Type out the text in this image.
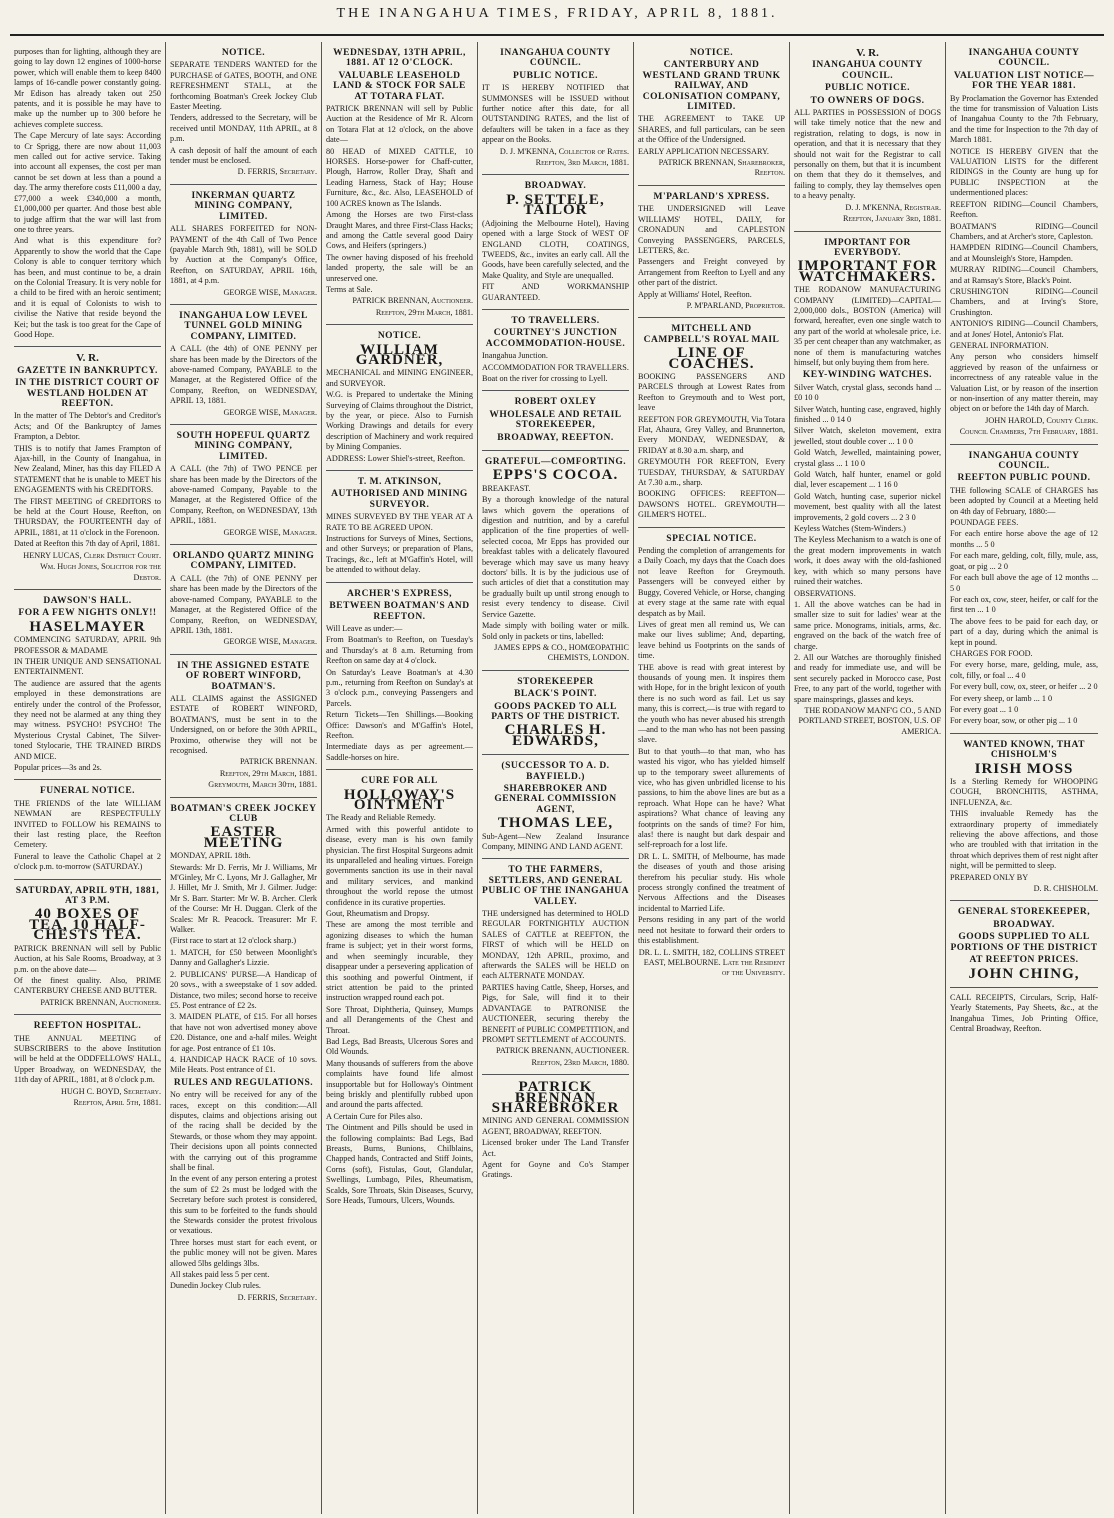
THE INANGAHUA TIMES, FRIDAY, APRIL 8, 1881.

purposes than for lighting, although they are going to lay down 12 engines of 1000-horse power, which will enable them to keep 8400 lamps of 16-candle power constantly going. Mr Edison has already taken out 250 patents, and it is possible he may have to make up the number up to 300 before he achieves complete success.

The Cape Mercury of late says: According to Cr Sprigg, there are now about 11,003 men called out for active service. Taking into account all expenses, the cost per man cannot be set down at less than a pound a day. The army therefore costs £11,000 a day, £77,000 a week £340,000 a month, £1,000,000 per quarter. And those best able to judge affirm that the war will last from one to three years.

And what is this expenditure for? Apparently to show the world that the Cape Colony is able to conquer territory which has been, and must continue to be, a drain on the Colonial Treasury. It is very noble for a child to be fired with an heroic sentiment; and it is equal of Colonists to wish to civilise the Native that reside beyond the Kei; but the task is too great for the Cape of Good Hope.

V. R.
GAZETTE IN BANKRUPTCY.
IN THE DISTRICT COURT OF WESTLAND HOLDEN AT REEFTON.

In the matter of The Debtor's and Creditor's Acts; and Of the Bankruptcy of James Frampton, a Debtor.

THIS is to notify that James Frampton of Ajax-hill, in the County of Inangahua, in New Zealand, Miner, has this day FILED A STATEMENT that he is unable to MEET his ENGAGEMENTS with his CREDITORS.

The FIRST MEETING of CREDITORS to be held at the Court House, Reefton, on THURSDAY, the FOURTEENTH day of APRIL, 1881, at 11 o'clock in the Forenoon.

Dated at Reefton this 7th day of April, 1881.

HENRY LUCAS, Clerk District Court.
Wm. Hugh Jones, Solicitor for the Debtor.
DAWSON'S HALL.
FOR A FEW NIGHTS ONLY!!
HASELMAYER

COMMENCING SATURDAY, APRIL 9th PROFESSOR & MADAME

IN THEIR UNIQUE AND SENSATIONAL ENTERTAINMENT.

The audience are assured that the agents employed in these demonstrations are entirely under the control of the Professor, they need not be alarmed at any thing they may witness. PSYCHO! PSYCHO! The Mysterious Crystal Cabinet, The Silver-toned Stylocarie, THE TRAINED BIRDS AND MICE.

Popular prices—3s and 2s.

FUNERAL NOTICE.

THE FRIENDS of the late WILLIAM NEWMAN are RESPECTFULLY INVITED to FOLLOW his REMAINS to their last resting place, the Reefton Cemetery.

Funeral to leave the Catholic Chapel at 2 o'clock p.m. to-morrow (SATURDAY.)

SATURDAY, APRIL 9TH, 1881, AT 3 P.M.
40 BOXES OF TEA, 10 HALF-CHESTS TEA.

PATRICK BRENNAN will sell by Public Auction, at his Sale Rooms, Broadway, at 3 p.m. on the above date—

Of the finest quality. Also, PRIME CANTERBURY CHEESE AND BUTTER.

PATRICK BRENNAN, Auctioneer.
REEFTON HOSPITAL.

THE ANNUAL MEETING of SUBSCRIBERS to the above Institution will be held at the ODDFELLOWS' HALL, Upper Broadway, on WEDNESDAY, the 11th day of APRIL, 1881, at 8 o'clock p.m.

HUGH C. BOYD, Secretary.
Reefton, April 5th, 1881.
NOTICE.

SEPARATE TENDERS WANTED for the PURCHASE of GATES, BOOTH, and ONE REFRESHMENT STALL, at the forthcoming Boatman's Creek Jockey Club Easter Meeting.

Tenders, addressed to the Secretary, will be received until MONDAY, 11th APRIL, at 8 p.m.

A cash deposit of half the amount of each tender must be enclosed.

D. FERRIS, Secretary.
INKERMAN QUARTZ MINING COMPANY, LIMITED.

ALL SHARES FORFEITED for NON-PAYMENT of the 4th Call of Two Pence (payable March 9th, 1881), will be SOLD by Auction at the Company's Office, Reefton, on SATURDAY, APRIL 16th, 1881, at 4 p.m.

GEORGE WISE, Manager.
INANGAHUA LOW LEVEL TUNNEL GOLD MINING COMPANY, LIMITED.

A CALL (the 4th) of ONE PENNY per share has been made by the Directors of the above-named Company, PAYABLE to the Manager, at the Registered Office of the Company, Reefton, on WEDNESDAY, APRIL 13, 1881.

GEORGE WISE, Manager.
SOUTH HOPEFUL QUARTZ MINING COMPANY, LIMITED.

A CALL (the 7th) of TWO PENCE per share has been made by the Directors of the above-named Company, Payable to the Manager, at the Registered Office of the Company, Reefton, on WEDNESDAY, 13th APRIL, 1881.

GEORGE WISE, Manager.
ORLANDO QUARTZ MINING COMPANY, LIMITED.

A CALL (the 7th) of ONE PENNY per share has been made by the Directors of the above-named Company, PAYABLE to the Manager, at the Registered Office of the Company, Reefton, on WEDNESDAY, APRIL 13th, 1881.

GEORGE WISE, Manager.
IN THE ASSIGNED ESTATE OF ROBERT WINFORD, BOATMAN'S.

ALL CLAIMS against the ASSIGNED ESTATE of ROBERT WINFORD, BOATMAN'S, must be sent in to the Undersigned, on or before the 30th APRIL, Proximo, otherwise they will not be recognised.

PATRICK BRENNAN.
Reefton, 29th March, 1881.
Greymouth, March 30th, 1881.
BOATMAN'S CREEK JOCKEY CLUB
EASTER MEETING

MONDAY, APRIL 18th.

Stewards: Mr D. Ferris, Mr J. Williams, Mr M'Ginley, Mr C. Lyons, Mr J. Gallagher, Mr J. Hillet, Mr J. Smith, Mr J. Gilmer. Judge: Mr S. Barr. Starter: Mr W. B. Archer. Clerk of the Course: Mr H. Duggan. Clerk of the Scales: Mr R. Peacock. Treasurer: Mr F. Walker.

(First race to start at 12 o'clock sharp.)

1. MATCH, for £50 between Moonlight's Danny and Gallagher's Lizzie.

2. PUBLICANS' PURSE—A Handicap of 20 sovs., with a sweepstake of 1 sov added. Distance, two miles; second horse to receive £5. Post entrance of £2 2s.

3. MAIDEN PLATE, of £15. For all horses that have not won advertised money above £20. Distance, one and a-half miles. Weight for age. Post entrance of £1 10s.

4. HANDICAP HACK RACE of 10 sovs. Mile Heats. Post entrance of £1.

RULES AND REGULATIONS.

No entry will be received for any of the races, except on this condition:—All disputes, claims and objections arising out of the racing shall be decided by the Stewards, or those whom they may appoint. Their decisions upon all points connected with the carrying out of this programme shall be final.

In the event of any person entering a protest the sum of £2 2s must be lodged with the Secretary before such protest is considered, this sum to be forfeited to the funds should the Stewards consider the protest frivolous or vexatious.

Three horses must start for each event, or the public money will not be given. Mares allowed 5lbs geldings 3lbs.

All stakes paid less 5 per cent.

Dunedin Jockey Club rules.

D. FERRIS, Secretary.
WEDNESDAY, 13TH APRIL, 1881. AT 12 O'CLOCK.
VALUABLE LEASEHOLD LAND & STOCK FOR SALE AT TOTARA FLAT.

PATRICK BRENNAN will sell by Public Auction at the Residence of Mr R. Alcorn on Totara Flat at 12 o'clock, on the above date—

80 HEAD of MIXED CATTLE, 10 HORSES. Horse-power for Chaff-cutter, Plough, Harrow, Roller Dray, Shaft and Leading Harness, Stack of Hay; House Furniture, &c., &c. Also, LEASEHOLD of 100 ACRES known as The Islands.

Among the Horses are two First-class Draught Mares, and three First-Class Hacks; and among the Cattle several good Dairy Cows, and Heifers (springers.)

The owner having disposed of his freehold landed property, the sale will be an unreserved one.

Terms at Sale.

PATRICK BRENNAN, Auctioneer.
Reefton, 29th March, 1881.
NOTICE.
WILLIAM GARDNER,

MECHANICAL and MINING ENGINEER, and SURVEYOR.

W.G. is Prepared to undertake the Mining Surveying of Claims throughout the District, by the year, or piece. Also to Furnish Working Drawings and details for every description of Machinery and work required by Mining Companies.

ADDRESS: Lower Shiel's-street, Reefton.

T. M. ATKINSON,
AUTHORISED AND MINING SURVEYOR.

MINES SURVEYED BY THE YEAR AT A RATE TO BE AGREED UPON.

Instructions for Surveys of Mines, Sections, and other Surveys; or preparation of Plans, Tracings, &c., left at M'Gaffin's Hotel, will be attended to without delay.

ARCHER'S EXPRESS,
BETWEEN BOATMAN'S AND REEFTON.

Will Leave as under:—

From Boatman's to Reefton, on Tuesday's and Thursday's at 8 a.m. Returning from Reefton on same day at 4 o'clock.

On Saturday's Leave Boatman's at 4.30 p.m., returning from Reefton on Sunday's at 3 o'clock p.m., conveying Passengers and Parcels.

Return Tickets—Ten Shillings.—Booking Office: Dawson's and M'Gaffin's Hotel, Reefton.

Intermediate days as per agreement.—Saddle-horses on hire.

CURE FOR ALL
HOLLOWAY'S OINTMENT

The Ready and Reliable Remedy.

Armed with this powerful antidote to disease, every man is his own family physician. The first Hospital Surgeons admit its unparalleled and healing virtues. Foreign governments sanction its use in their naval and military services, and mankind throughout the world repose the utmost confidence in its curative properties.

Gout, Rheumatism and Dropsy.

These are among the most terrible and agonizing diseases to which the human frame is subject; yet in their worst forms, and when seemingly incurable, they disappear under a persevering application of this soothing and powerful Ointment, if strict attention be paid to the printed instruction wrapped round each pot.

Sore Throat, Diphtheria, Quinsey, Mumps and all Derangements of the Chest and Throat.

Bad Legs, Bad Breasts, Ulcerous Sores and Old Wounds.

Many thousands of sufferers from the above complaints have found life almost insupportable but for Holloway's Ointment being briskly and plentifully rubbed upon and around the parts affected.

A Certain Cure for Piles also.

The Ointment and Pills should be used in the following complaints: Bad Legs, Bad Breasts, Burns, Bunions, Chilblains, Chapped hands, Contracted and Stiff Joints, Corns (soft), Fistulas, Gout, Glandular, Swellings, Lumbago, Piles, Rheumatism, Scalds, Sore Throats, Skin Diseases, Scurvy, Sore Heads, Tumours, Ulcers, Wounds.

INANGAHUA COUNTY COUNCIL.
PUBLIC NOTICE.

IT IS HEREBY NOTIFIED that SUMMONSES will be ISSUED without further notice after this date, for all OUTSTANDING RATES, and the list of defaulters will be taken in a face as they appear on the Books.

D. J. M'KENNA, Collector of Rates.
Reefton, 3rd March, 1881.
BROADWAY.
P. SETTELE, TAILOR

(Adjoining the Melbourne Hotel), Having opened with a large Stock of WEST OF ENGLAND CLOTH, COATINGS, TWEEDS, &c., invites an early call. All the Goods, have been carefully selected, and the Make Quality, and Style are unequalled.

FIT AND WORKMANSHIP GUARANTEED.

TO TRAVELLERS.
COURTNEY'S JUNCTION ACCOMMODATION-HOUSE.

Inangahua Junction.

ACCOMMODATION FOR TRAVELLERS.

Boat on the river for crossing to Lyell.

ROBERT OXLEY
WHOLESALE AND RETAIL STOREKEEPER,
BROADWAY, REEFTON.
GRATEFUL—COMFORTING.
EPPS'S COCOA.

BREAKFAST.

By a thorough knowledge of the natural laws which govern the operations of digestion and nutrition, and by a careful application of the fine properties of well-selected cocoa, Mr Epps has provided our breakfast tables with a delicately flavoured beverage which may save us many heavy doctors' bills. It is by the judicious use of such articles of diet that a constitution may be gradually built up until strong enough to resist every tendency to disease. Civil Service Gazette.

Made simply with boiling water or milk. Sold only in packets or tins, labelled:

JAMES EPPS & CO., HOMŒOPATHIC CHEMISTS, LONDON.
STOREKEEPER
BLACK'S POINT.
GOODS PACKED TO ALL PARTS OF THE DISTRICT.
CHARLES H. EDWARDS,
(SUCCESSOR TO A. D. BAYFIELD.)
SHAREBROKER AND GENERAL COMMISSION AGENT,
THOMAS LEE,

Sub-Agent—New Zealand Insurance Company, MINING AND LAND AGENT.

TO THE FARMERS, SETTLERS, AND GENERAL PUBLIC OF THE INANGAHUA VALLEY.

THE undersigned has determined to HOLD REGULAR FORTNIGHTLY AUCTION SALES of CATTLE at REEFTON, the FIRST of which will be HELD on MONDAY, 12th APRIL, proximo, and afterwards the SALES will be HELD on each ALTERNATE MONDAY.

PARTIES having Cattle, Sheep, Horses, and Pigs, for Sale, will find it to their ADVANTAGE to PATRONISE the AUCTIONEER, securing thereby the BENEFIT of PUBLIC COMPETITION, and PROMPT SETTLEMENT of ACCOUNTS.

PATRICK BRENANN, AUCTIONEER.
Reefton, 23rd March, 1880.
PATRICK BRENNAN SHAREBROKER

MINING AND GENERAL COMMISSION AGENT, BROADWAY, REEFTON.

Licensed broker under The Land Transfer Act.

Agent for Goyne and Co's Stamper Gratings.

NOTICE.
CANTERBURY AND WESTLAND GRAND TRUNK RAILWAY, AND COLONISATION COMPANY, LIMITED.

THE AGREEMENT to TAKE UP SHARES, and full particulars, can be seen at the Office of the Undersigned.

EARLY APPLICATION NECESSARY.

PATRICK BRENNAN, Sharebroker, Reefton.
M'PARLAND'S XPRESS.

THE UNDERSIGNED will Leave WILLIAMS' HOTEL, DAILY, for CRONADUN and CAPLESTON Conveying PASSENGERS, PARCELS, LETTERS, &c.

Passengers and Freight conveyed by Arrangement from Reefton to Lyell and any other part of the district.

Apply at Williams' Hotel, Reefton.

P. M'PARLAND, Proprietor.
MITCHELL AND CAMPBELL'S ROYAL MAIL
LINE OF COACHES.

BOOKING PASSENGERS AND PARCELS through at Lowest Rates from Reefton to Greymouth and to West port, leave

REEFTON FOR GREYMOUTH, Via Totara Flat, Ahaura, Grey Valley, and Brunnerton, Every MONDAY, WEDNESDAY, & FRIDAY at 8.30 a.m. sharp, and

GREYMOUTH FOR REEFTON, Every TUESDAY, THURSDAY, & SATURDAY At 7.30 a.m., sharp.

BOOKING OFFICES: REEFTON—DAWSON'S HOTEL. GREYMOUTH—GILMER'S HOTEL.

SPECIAL NOTICE.

Pending the completion of arrangements for a Daily Coach, my days that the Coach does not leave Reefton for Greymouth. Passengers will be conveyed either by Buggy, Covered Vehicle, or Horse, changing at every stage at the same rate with equal despatch as by Mail.

Lives of great men all remind us, We can make our lives sublime; And, departing, leave behind us Footprints on the sands of time.

THE above is read with great interest by thousands of young men. It inspires them with Hope, for in the bright lexicon of youth there is no such word as fail. Let us say many, this is correct,—is true with regard to the youth who has never abused his strength—and to the man who has not been passing slave.

But to that youth—to that man, who has wasted his vigor, who has yielded himself up to the temporary sweet allurements of vice, who has given unbridled license to his passions, to him the above lines are but as a reproach. What Hope can he have? What aspirations? What chance of leaving any footprints on the sands of time? For him, alas! there is naught but dark despair and self-reproach for a lost life.

DR L. L. SMITH, of Melbourne, has made the diseases of youth and those arising therefrom his peculiar study. His whole process strongly confined the treatment of Nervous Affections and the Diseases incidental to Married Life.

Persons residing in any part of the world need not hesitate to forward their orders to this establishment.

DR. L. L. SMITH, 182, COLLINS STREET EAST, MELBOURNE. Late the Resident of the University.
V. R.
INANGAHUA COUNTY COUNCIL.
PUBLIC NOTICE.
TO OWNERS OF DOGS.

ALL PARTIES in POSSESSION of DOGS will take timely notice that the new and registration, relating to dogs, is now in operation, and that it is necessary that they should not wait for the Registrar to call personally on them, but that it is incumbent on them that they do it themselves, and failing to comply, they lay themselves open to a heavy penalty.

D. J. M'KENNA, Registrar.
Reefton, January 3rd, 1881.
IMPORTANT FOR EVERYBODY.
IMPORTANT FOR WATCHMAKERS.

THE RODANOW MANUFACTURING COMPANY (LIMITED)—CAPITAL—2,000,000 dols., BOSTON (America) will forward, hereafter, even one single watch to any part of the world at wholesale price, i.e. 35 per cent cheaper than any watchmaker, as none of them is manufacturing watches himself, but only buying them from here.

KEY-WINDING WATCHES.

Silver Watch, crystal glass, seconds hand ... £0 10 0

Silver Watch, hunting case, engraved, highly finished ... 0 14 0

Silver Watch, skeleton movement, extra jewelled, stout double cover ... 1 0 0

Gold Watch, Jewelled, maintaining power, crystal glass ... 1 10 0

Gold Watch, half hunter, enamel or gold dial, lever escapement ... 1 16 0

Gold Watch, hunting case, superior nickel movement, best quality with all the latest improvements, 2 gold covers ... 2 3 0

Keyless Watches (Stem-Winders.)

The Keyless Mechanism to a watch is one of the great modern improvements in watch work, it does away with the old-fashioned key, with which so many persons have ruined their watches.

OBSERVATIONS.

1. All the above watches can be had in smaller size to suit for ladies' wear at the same price. Monograms, initials, arms, &c. engraved on the back of the watch free of charge.

2. All our Watches are thoroughly finished and ready for immediate use, and will be sent securely packed in Morocco case, Post Free, to any part of the world, together with spare mainsprings, glasses and keys.

THE RODANOW MANF'G CO., 5 AND PORTLAND STREET, BOSTON, U.S. OF AMERICA.
INANGAHUA COUNTY COUNCIL.
VALUATION LIST NOTICE—FOR THE YEAR 1881.

By Proclamation the Governor has Extended the time for transmission of Valuation Lists of Inangahua County to the 7th February, and the time for Inspection to the 7th day of March 1881.

NOTICE IS HEREBY GIVEN that the VALUATION LISTS for the different RIDINGS in the County are hung up for PUBLIC INSPECTION at the undermentioned places:

REEFTON RIDING—Council Chambers, Reefton.

BOATMAN'S RIDING—Council Chambers, and at Archer's store, Capleston.

HAMPDEN RIDING—Council Chambers, and at Mounsleigh's Store, Hampden.

MURRAY RIDING—Council Chambers, and at Ramsay's Store, Black's Point.

CRUSHINGTON RIDING—Council Chambers, and at Irving's Store, Crushington.

ANTONIO'S RIDING—Council Chambers, and at Jones' Hotel, Antonio's Flat.

GENERAL INFORMATION.

Any person who considers himself aggrieved by reason of the unfairness or incorrectness of any rateable value in the Valuation List, or by reason of the insertion or non-insertion of any matter therein, may object on or before the 14th day of March.

JOHN HAROLD, County Clerk.
Council Chambers, 7th February, 1881.
INANGAHUA COUNTY COUNCIL.
REEFTON PUBLIC POUND.

THE following SCALE of CHARGES has been adopted by Council at a Meeting held on 4th day of February, 1880:—

POUNDAGE FEES.

For each entire horse above the age of 12 months ... 5 0

For each mare, gelding, colt, filly, mule, ass, goat, or pig ... 2 0

For each bull above the age of 12 months ... 5 0

For each ox, cow, steer, heifer, or calf for the first ten ... 1 0

The above fees to be paid for each day, or part of a day, during which the animal is kept in pound.

CHARGES FOR FOOD.

For every horse, mare, gelding, mule, ass, colt, filly, or foal ... 4 0

For every bull, cow, ox, steer, or heifer ... 2 0

For every sheep, or lamb ... 1 0

For every goat ... 1 0

For every boar, sow, or other pig ... 1 0

WANTED KNOWN, THAT CHISHOLM'S
IRISH MOSS

Is a Sterling Remedy for WHOOPING COUGH, BRONCHITIS, ASTHMA, INFLUENZA, &c.

THIS invaluable Remedy has the extraordinary property of immediately relieving the above affections, and those who are troubled with that irritation in the throat which deprives them of rest night after night, will be permitted to sleep.

PREPARED ONLY BY

D. R. CHISHOLM.
GENERAL STOREKEEPER,
BROADWAY.
GOODS SUPPLIED TO ALL PORTIONS OF THE DISTRICT
AT REEFTON PRICES.
JOHN CHING,

CALL RECEIPTS, Circulars, Scrip, Half-Yearly Statements, Pay Sheets, &c., at the Inangahua Times, Job Printing Office, Central Broadway, Reefton.
